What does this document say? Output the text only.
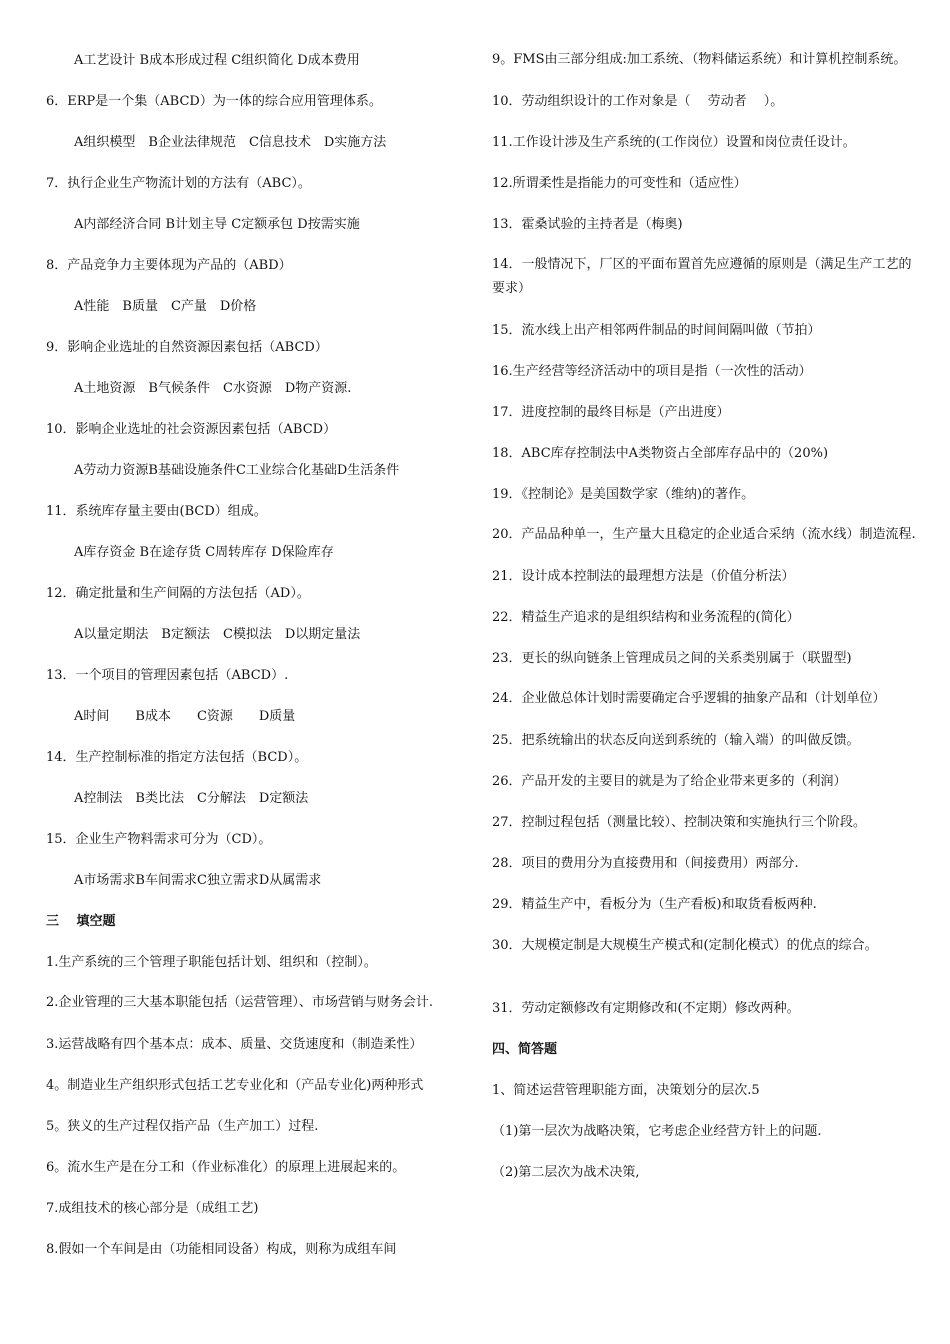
A工艺设计 B成本形成过程 C组织简化 D成本费用
6．ERP是一个集（ABCD）为一体的综合应用管理体系。
A组织模型　B企业法律规范　C信息技术　D实施方法
7．执行企业生产物流计划的方法有（ABC）。
A内部经济合同 B计划主导 C定额承包 D按需实施
8．产品竞争力主要体现为产品的（ABD）
A性能　B质量　C产量　D价格
9．影响企业选址的自然资源因素包括（ABCD）
A土地资源　B气候条件　C水资源　D物产资源.
10．影响企业选址的社会资源因素包括（ABCD）
A劳动力资源B基础设施条件C工业综合化基础D生活条件
11．系统库存量主要由(BCD）组成。
A库存资金 B在途存货 C周转库存 D保险库存
12．确定批量和生产间隔的方法包括（AD）。
A以量定期法　B定额法　C模拟法　D以期定量法
13．一个项目的管理因素包括（ABCD）.
A时间　　B成本　　C资源　　D质量
14．生产控制标准的指定方法包括（BCD）。
A控制法　B类比法　C分解法　D定额法
15．企业生产物料需求可分为（CD）。
A市场需求B车间需求C独立需求D从属需求
三　 填空题
1.生产系统的三个管理子职能包括计划、组织和（控制）。
2.企业管理的三大基本职能包括（运营管理）、市场营销与财务会计.
3.运营战略有四个基本点：成本、质量、交货速度和（制造柔性）
4。制造业生产组织形式包括工艺专业化和（产品专业化)两种形式
5。狭义的生产过程仅指产品（生产加工）过程.
6。流水生产是在分工和（作业标准化）的原理上进展起来的。
7.成组技术的核心部分是（成组工艺)
8.假如一个车间是由（功能相同设备）构成，则称为成组车间
9。FMS由三部分组成:加工系统、（物料储运系统）和计算机控制系统。
10．劳动组织设计的工作对象是（　 劳动者　 ）。
11.工作设计涉及生产系统的(工作岗位）设置和岗位责任设计。
12.所谓柔性是指能力的可变性和（适应性）
13．霍桑试验的主持者是（梅奥)
14．一般情况下，厂区的平面布置首先应遵循的原则是（满足生产工艺的要求）
15．流水线上出产相邻两件制品的时间间隔叫做（节拍）
16.生产经营等经济活动中的项目是指（一次性的活动）
17．进度控制的最终目标是（产出进度）
18．ABC库存控制法中A类物资占全部库存品中的（20%)
19．《控制论》是美国数学家（维纳)的著作。
20．产品品种单一，生产量大且稳定的企业适合采纳（流水线）制造流程.
21．设计成本控制法的最理想方法是（价值分析法）
22．精益生产追求的是组织结构和业务流程的(简化）
23．更长的纵向链条上管理成员之间的关系类别属于（联盟型)
24．企业做总体计划时需要确定合乎逻辑的抽象产品和（计划单位）
25．把系统输出的状态反向送到系统的（输入端）的叫做反馈。
26．产品开发的主要目的就是为了给企业带来更多的（利润）
27．控制过程包括（测量比较）、控制决策和实施执行三个阶段。
28．项目的费用分为直接费用和（间接费用）两部分.
29．精益生产中，看板分为（生产看板)和取货看板两种.
30．大规模定制是大规模生产模式和(定制化模式）的优点的综合。
31．劳动定额修改有定期修改和(不定期）修改两种。
四、简答题
1、简述运营管理职能方面，决策划分的层次.5
（1)第一层次为战略决策，它考虑企业经营方针上的问题.
（2)第二层次为战术决策,
